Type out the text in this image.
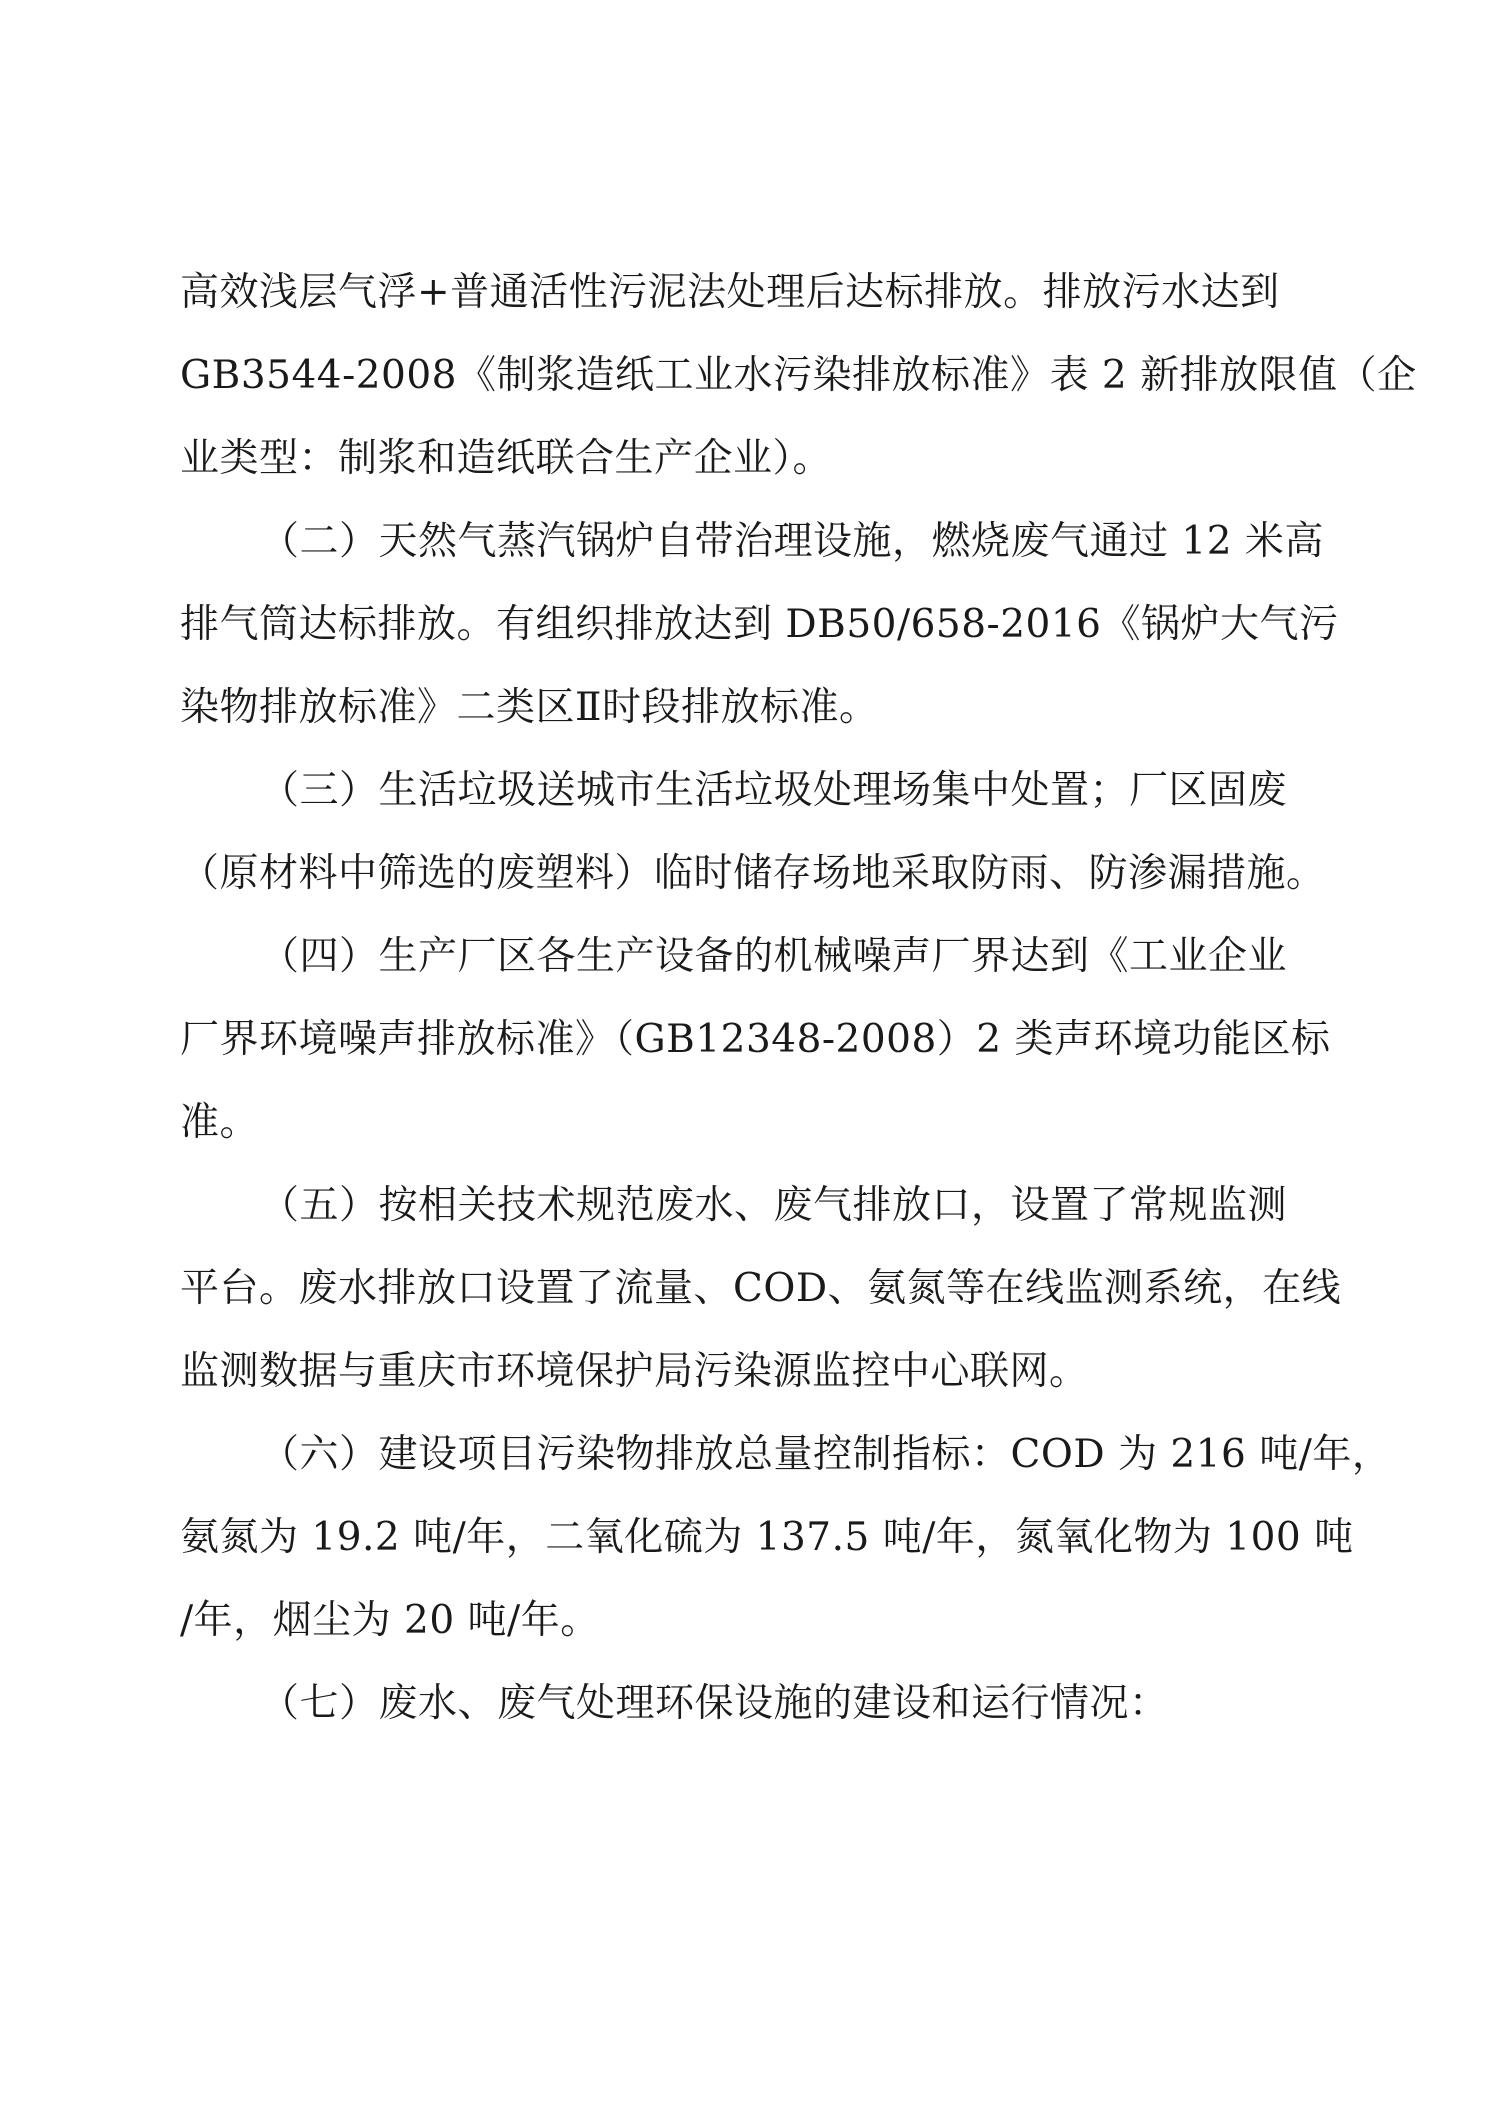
高效浅层气浮+普通活性污泥法处理后达标排放。排放污水达到
GB3544-2008《制浆造纸工业水污染排放标准》表 2 新排放限值（企
业类型：制浆和造纸联合生产企业）。
（二）天然气蒸汽锅炉自带治理设施，燃烧废气通过 12 米高
排气筒达标排放。有组织排放达到 DB50/658-2016《锅炉大气污
染物排放标准》二类区Ⅱ时段排放标准。
（三）生活垃圾送城市生活垃圾处理场集中处置；厂区固废
（原材料中筛选的废塑料）临时储存场地采取防雨、防渗漏措施。
（四）生产厂区各生产设备的机械噪声厂界达到《工业企业
厂界环境噪声排放标准》（GB12348-2008）2 类声环境功能区标
准。
（五）按相关技术规范废水、废气排放口，设置了常规监测
平台。废水排放口设置了流量、COD、氨氮等在线监测系统，在线
监测数据与重庆市环境保护局污染源监控中心联网。
（六）建设项目污染物排放总量控制指标：COD 为 216 吨/年，
氨氮为 19.2 吨/年，二氧化硫为 137.5 吨/年，氮氧化物为 100 吨
/年，烟尘为 20 吨/年。
（七）废水、废气处理环保设施的建设和运行情况：
